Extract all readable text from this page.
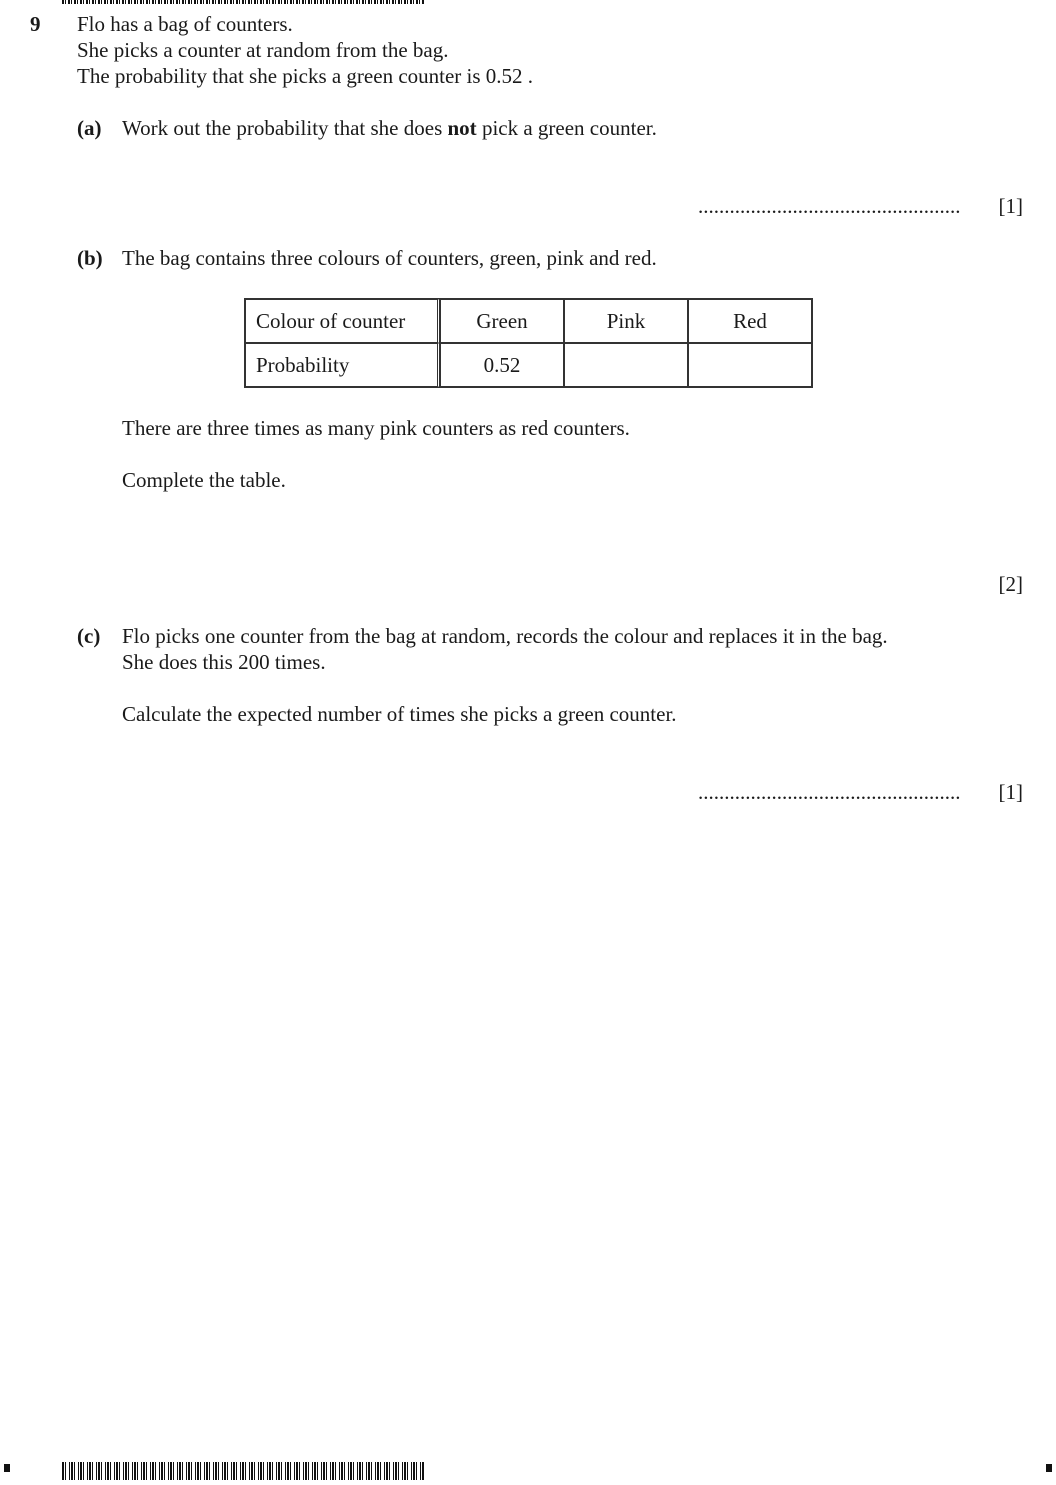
9 Flo has a bag of counters.
She picks a counter at random from the bag.
The probability that she picks a green counter is 0.52 .
(a) Work out the probability that she does not pick a green counter.
.................................................. [1]
(b) The bag contains three colours of counters, green, pink and red.
Colour of counter	Green	Pink	Red
Probability	0.52		
There are three times as many pink counters as red counters.
Complete the table.
[2]
(c) Flo picks one counter from the bag at random, records the colour and replaces it in the bag.
She does this 200 times.
Calculate the expected number of times she picks a green counter.
.................................................. [1]
